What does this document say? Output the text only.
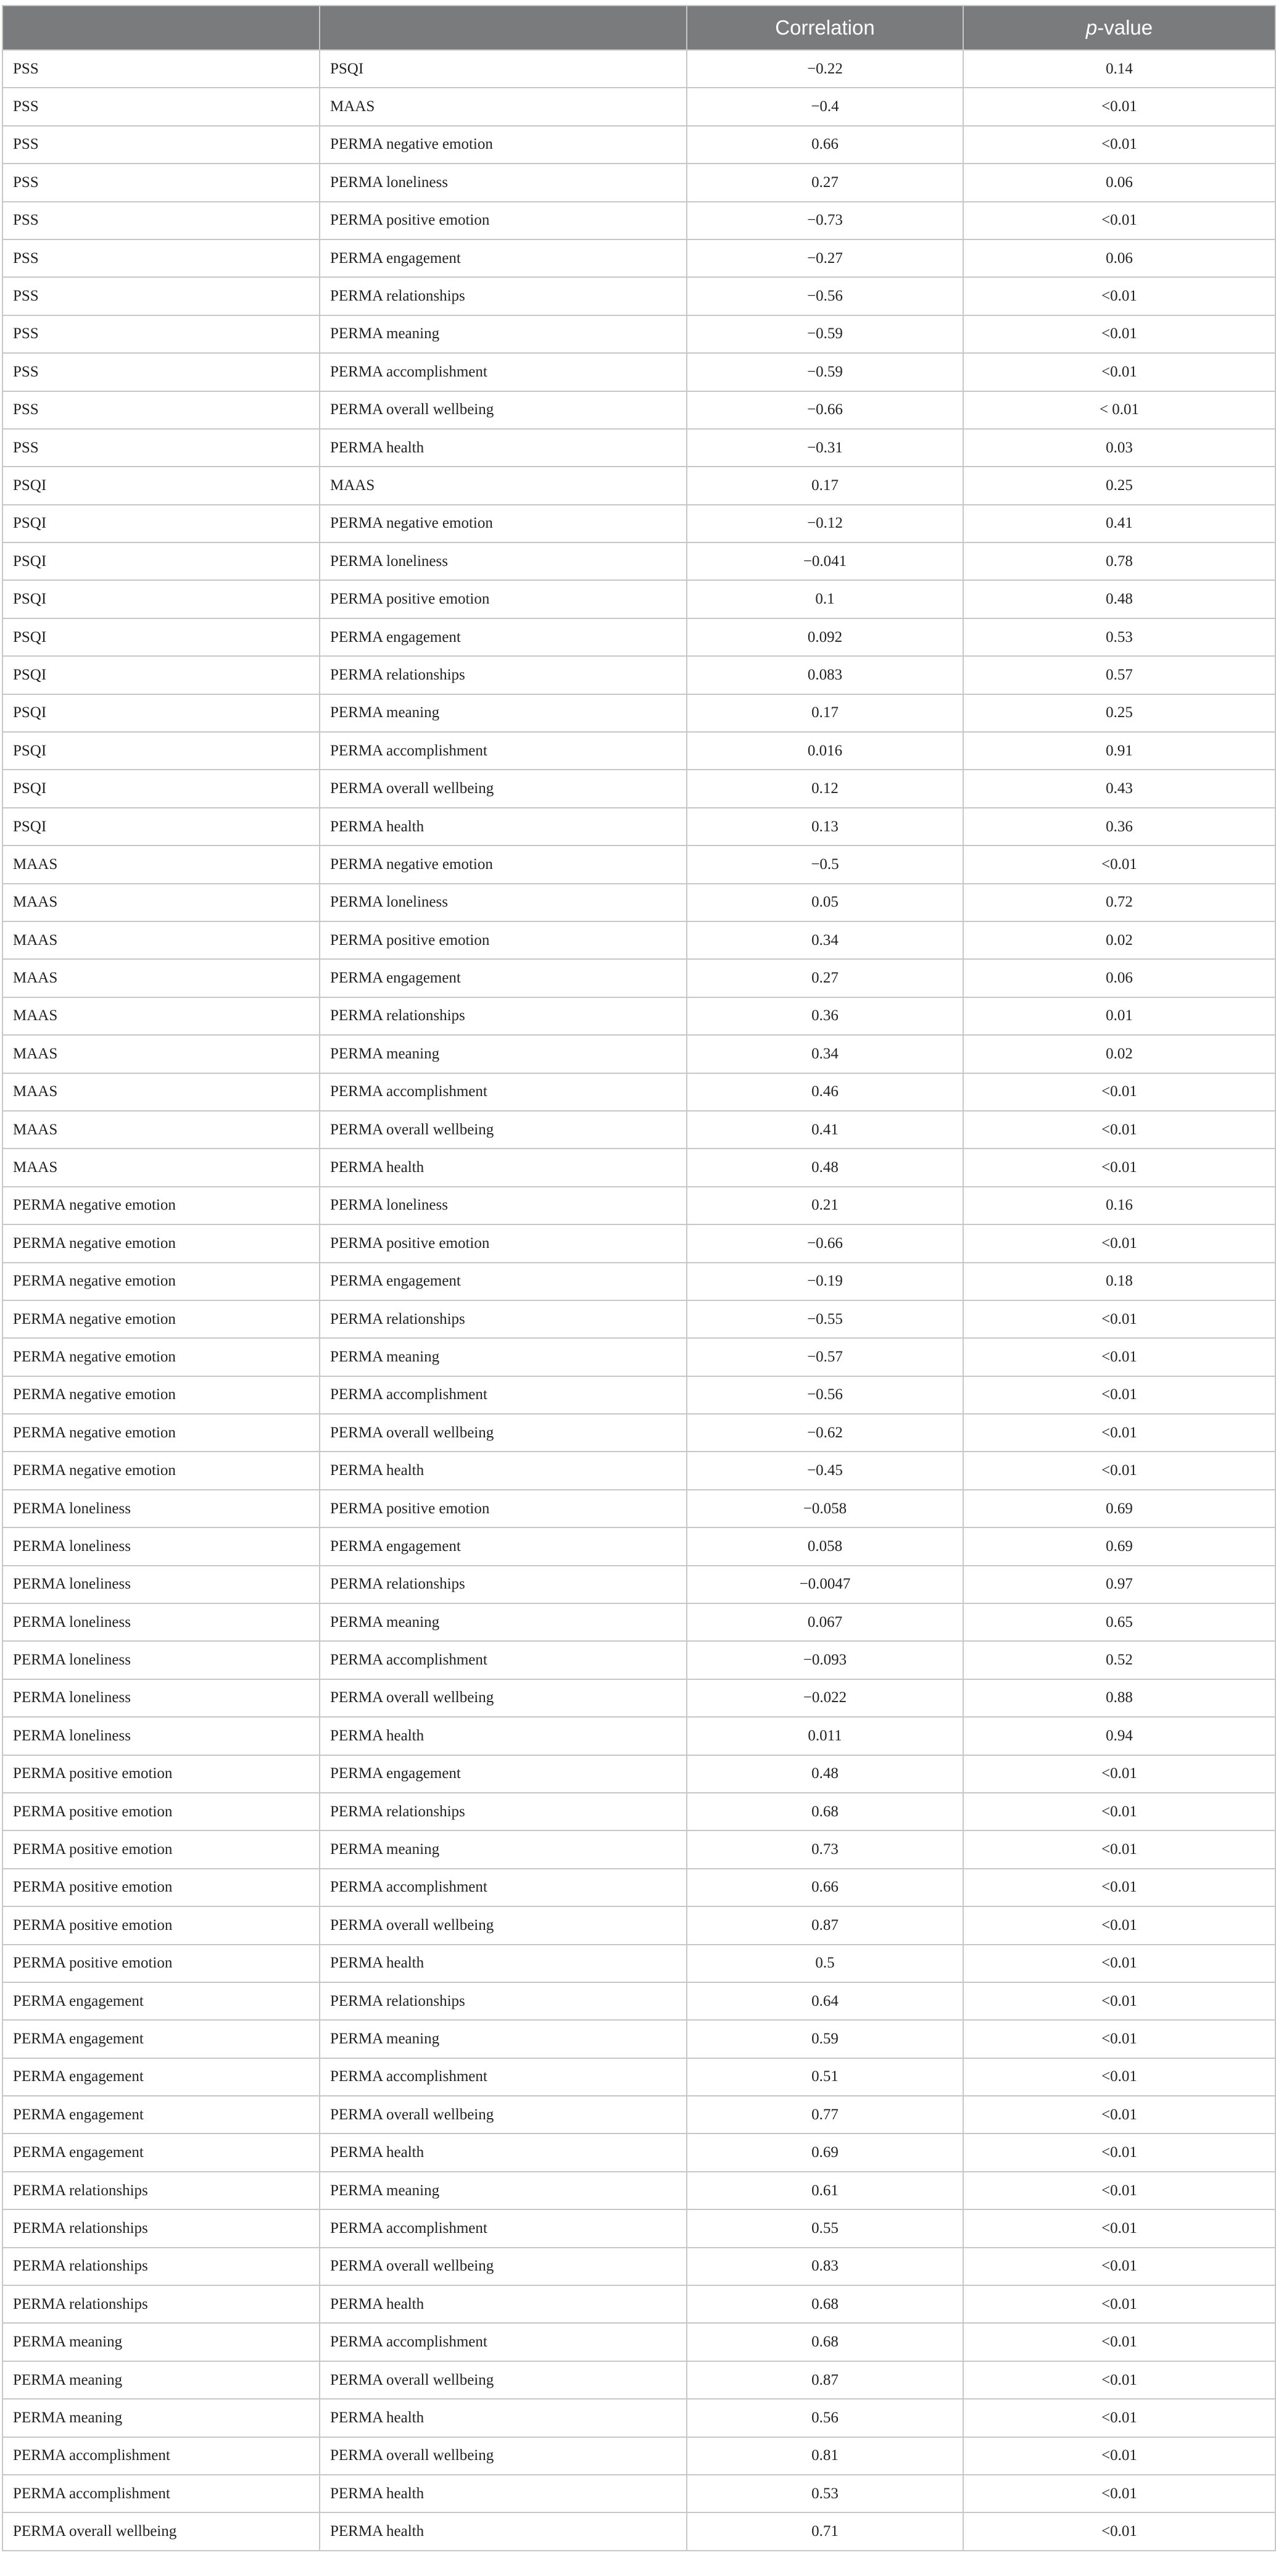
		Correlation	p-value
PSS	PSQI	−0.22	0.14
PSS	MAAS	−0.4	<0.01
PSS	PERMA negative emotion	0.66	<0.01
PSS	PERMA loneliness	0.27	0.06
PSS	PERMA positive emotion	−0.73	<0.01
PSS	PERMA engagement	−0.27	0.06
PSS	PERMA relationships	−0.56	<0.01
PSS	PERMA meaning	−0.59	<0.01
PSS	PERMA accomplishment	−0.59	<0.01
PSS	PERMA overall wellbeing	−0.66	< 0.01
PSS	PERMA health	−0.31	0.03
PSQI	MAAS	0.17	0.25
PSQI	PERMA negative emotion	−0.12	0.41
PSQI	PERMA loneliness	−0.041	0.78
PSQI	PERMA positive emotion	0.1	0.48
PSQI	PERMA engagement	0.092	0.53
PSQI	PERMA relationships	0.083	0.57
PSQI	PERMA meaning	0.17	0.25
PSQI	PERMA accomplishment	0.016	0.91
PSQI	PERMA overall wellbeing	0.12	0.43
PSQI	PERMA health	0.13	0.36
MAAS	PERMA negative emotion	−0.5	<0.01
MAAS	PERMA loneliness	0.05	0.72
MAAS	PERMA positive emotion	0.34	0.02
MAAS	PERMA engagement	0.27	0.06
MAAS	PERMA relationships	0.36	0.01
MAAS	PERMA meaning	0.34	0.02
MAAS	PERMA accomplishment	0.46	<0.01
MAAS	PERMA overall wellbeing	0.41	<0.01
MAAS	PERMA health	0.48	<0.01
PERMA negative emotion	PERMA loneliness	0.21	0.16
PERMA negative emotion	PERMA positive emotion	−0.66	<0.01
PERMA negative emotion	PERMA engagement	−0.19	0.18
PERMA negative emotion	PERMA relationships	−0.55	<0.01
PERMA negative emotion	PERMA meaning	−0.57	<0.01
PERMA negative emotion	PERMA accomplishment	−0.56	<0.01
PERMA negative emotion	PERMA overall wellbeing	−0.62	<0.01
PERMA negative emotion	PERMA health	−0.45	<0.01
PERMA loneliness	PERMA positive emotion	−0.058	0.69
PERMA loneliness	PERMA engagement	0.058	0.69
PERMA loneliness	PERMA relationships	−0.0047	0.97
PERMA loneliness	PERMA meaning	0.067	0.65
PERMA loneliness	PERMA accomplishment	−0.093	0.52
PERMA loneliness	PERMA overall wellbeing	−0.022	0.88
PERMA loneliness	PERMA health	0.011	0.94
PERMA positive emotion	PERMA engagement	0.48	<0.01
PERMA positive emotion	PERMA relationships	0.68	<0.01
PERMA positive emotion	PERMA meaning	0.73	<0.01
PERMA positive emotion	PERMA accomplishment	0.66	<0.01
PERMA positive emotion	PERMA overall wellbeing	0.87	<0.01
PERMA positive emotion	PERMA health	0.5	<0.01
PERMA engagement	PERMA relationships	0.64	<0.01
PERMA engagement	PERMA meaning	0.59	<0.01
PERMA engagement	PERMA accomplishment	0.51	<0.01
PERMA engagement	PERMA overall wellbeing	0.77	<0.01
PERMA engagement	PERMA health	0.69	<0.01
PERMA relationships	PERMA meaning	0.61	<0.01
PERMA relationships	PERMA accomplishment	0.55	<0.01
PERMA relationships	PERMA overall wellbeing	0.83	<0.01
PERMA relationships	PERMA health	0.68	<0.01
PERMA meaning	PERMA accomplishment	0.68	<0.01
PERMA meaning	PERMA overall wellbeing	0.87	<0.01
PERMA meaning	PERMA health	0.56	<0.01
PERMA accomplishment	PERMA overall wellbeing	0.81	<0.01
PERMA accomplishment	PERMA health	0.53	<0.01
PERMA overall wellbeing	PERMA health	0.71	<0.01
